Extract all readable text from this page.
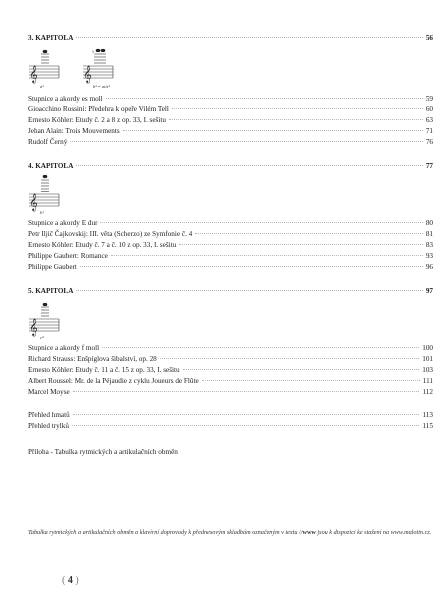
3. KAPITOLA	56
𝄞
a³
𝄞
♭
b³ = aiis³
Stupnice a akordy es moll	59
Gioacchino Rossini: Předehra k opeře Vilém Tell	60
Ernesto Köhler: Etudy č. 2 a 8 z op. 33, I. sešitu	63
Jehan Alain: Trois Mouvements	71
Rudolf Černý	76
4. KAPITOLA	77
𝄞
h³
Stupnice a akordy E dur	80
Petr Iljič Čajkovskij: III. věta (Scherzo) ze Symfonie č. 4	81
Ernesto Köhler: Etudy č. 7 a č. 10 z op. 33, I. sešitu	83
Philippe Gaubert: Romance	93
Philippe Gaubert	96
5. KAPITOLA	97
𝄞
c⁴
Stupnice a akordy f moll	100
Richard Strauss: Enšpíglova šibalství, op. 28	101
Ernesto Köhler: Etudy č. 11 a č. 15 z op. 33, I. sešitu	103
Albert Roussel: Mr. de la Péjaudie z cyklu Joueurs de Flûte	111
Marcel Moyse	112
Přehled hmatů	113
Přehled trylků	115
Příloha - Tabulka rytmických a artikulačních obměn
Tabulka rytmických a artikulačních obměn a klavírní doprovody k přednesovým skladbám označeným v textu //www jsou k dispozici ke stažení na www.malotin.cz.
( 4 )
